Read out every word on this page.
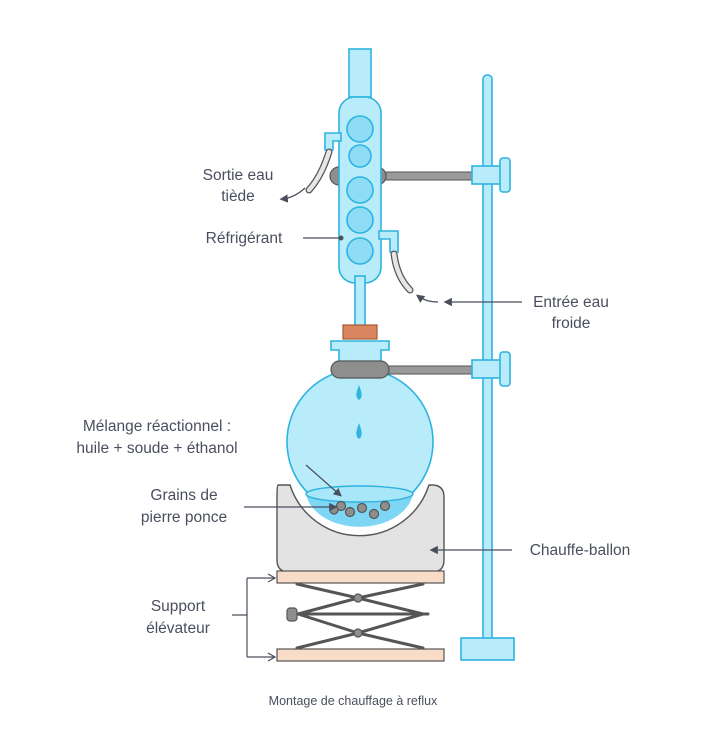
Sortie eau
tiède
Réfrigérant
Entrée eau
froide
Mélange réactionnel :
huile + soude + éthanol
Grains de
pierre ponce
Chauffe-ballon
Support
élévateur
Montage de chauffage à reflux
